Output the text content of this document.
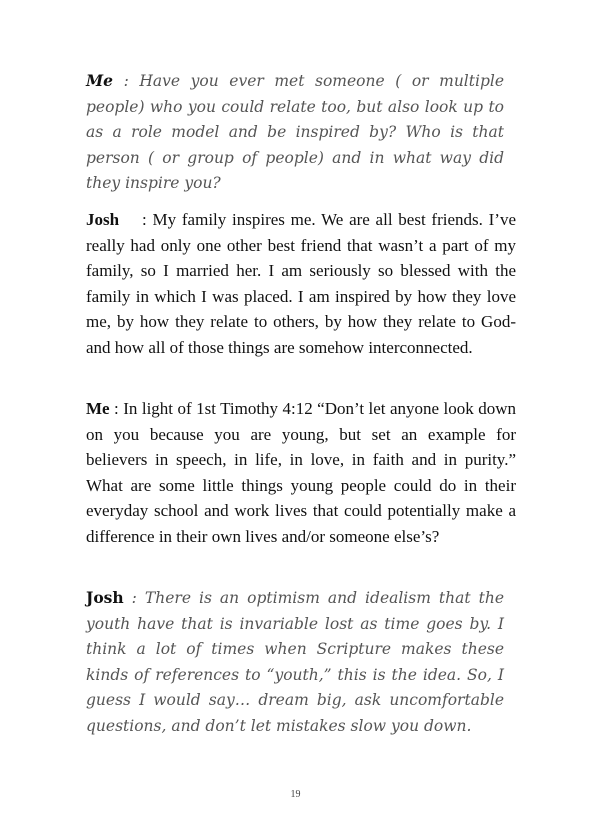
Me : Have you ever met someone ( or multiple people) who you could relate too, but also look up to as a role model and be inspired by? Who is that person ( or group of people) and in what way did they inspire you?

Josh    : My family inspires me. We are all best friends. I’ve really had only one other best friend that wasn’t a part of my family, so I married her. I am seriously so blessed with the family in which I was placed. I am inspired by how they love me, by how they relate to others, by how they relate to God- and how all of those things are somehow interconnected.

Me : In light of 1st Timothy 4:12 “Don’t let anyone look down on you because you are young, but set an example for believers in speech, in life, in love, in faith and in purity.” What are some little things young people could do in their everyday school and work lives that could potentially make a difference in their own lives and/or someone else’s?

Josh : There is an optimism and idealism that the youth have that is invariable lost as time goes by. I think a lot of times when Scripture makes these kinds of references to “youth,” this is the idea. So, I guess I would say… dream big, ask uncomfortable questions, and don’t let mistakes slow you down.

19
